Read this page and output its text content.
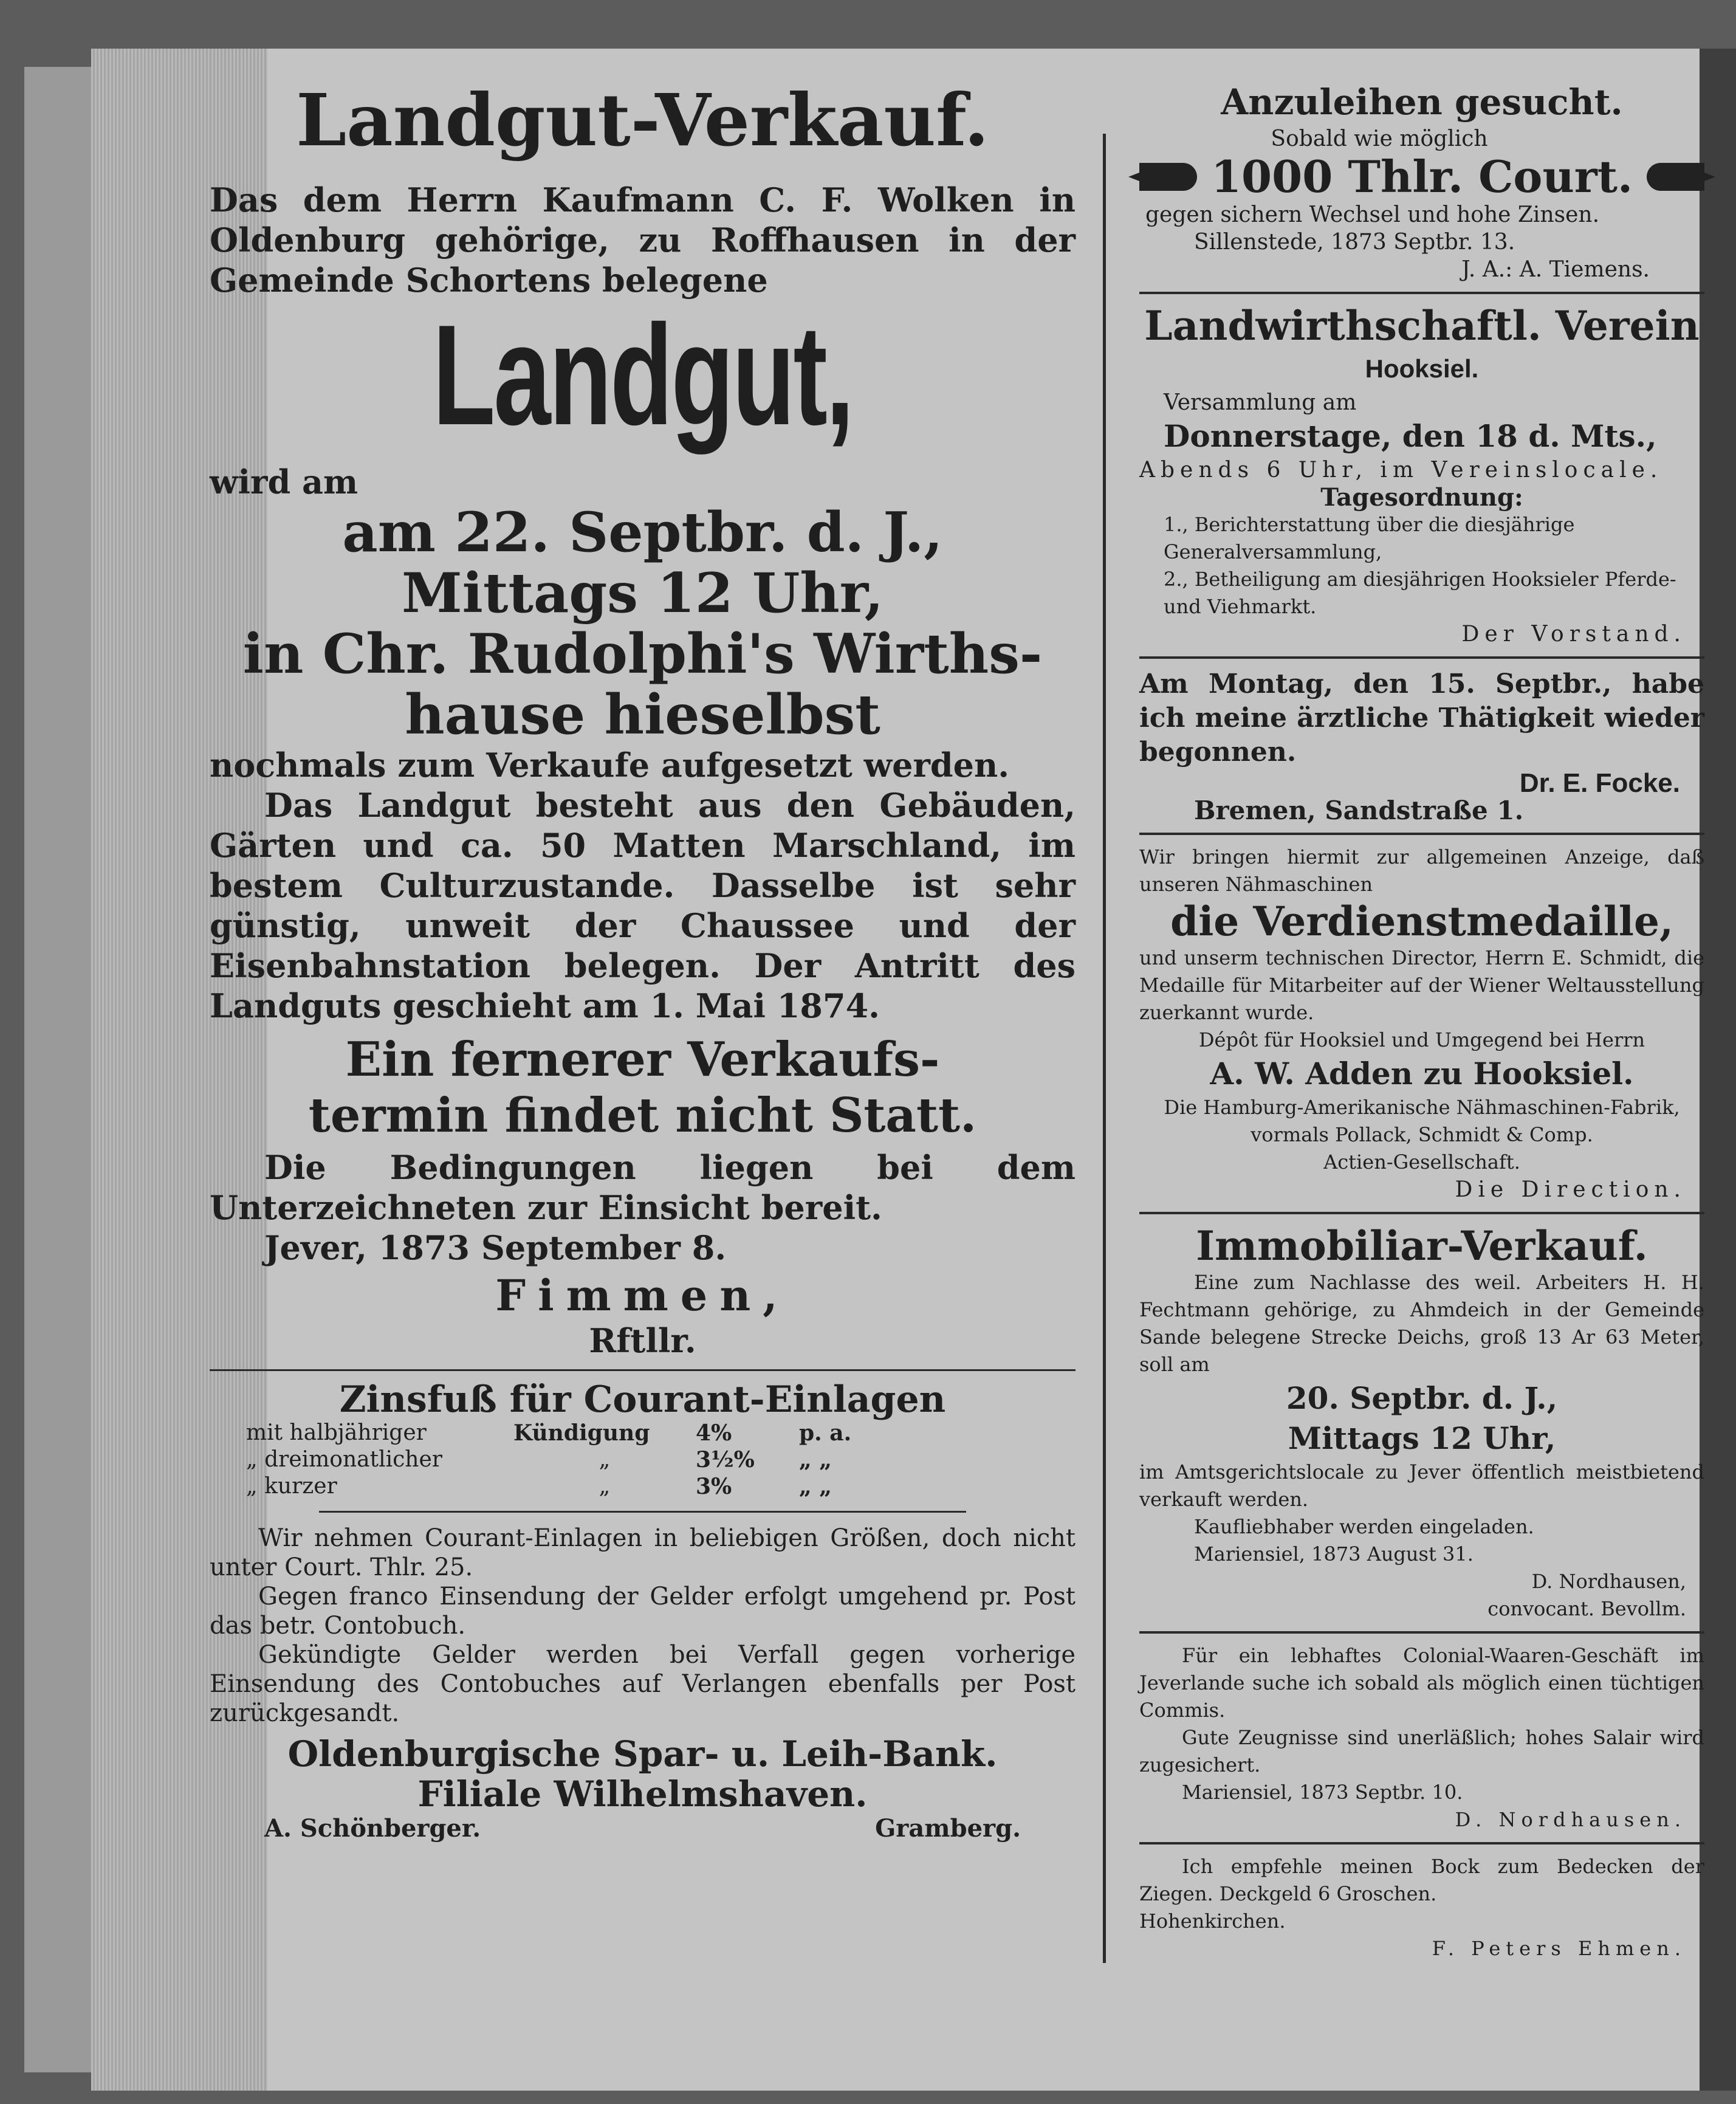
Landgut-Verkauf.

Das dem Herrn Kaufmann C. F. Wolken in Oldenburg gehörige, zu Roffhausen in der Gemeinde Schortens belegene

Landgut,

wird am

am 22. Septbr. d. J.,

Mittags 12 Uhr,

in Chr. Rudolphi's Wirths-

hause hieselbst

nochmals zum Verkaufe aufgesetzt werden.

Das Landgut besteht aus den Gebäuden, Gärten und ca. 50 Matten Marschland, im bestem Culturzustande. Dasselbe ist sehr günstig, unweit der Chaussee und der Eisenbahnstation belegen. Der Antritt des Landguts geschieht am 1. Mai 1874.

Ein fernerer Verkaufs-

termin findet nicht Statt.

Die Bedingungen liegen bei dem Unterzeichneten zur Einsicht bereit.

Jever, 1873 September 8.

Fimmen,

Rftllr.

Zinsfuß für Courant-Einlagen

mit halbjähriger	Kündigung	4%	p. a.
„ dreimonatlicher	„	3½%	„ „
„ kurzer	„	3%	„ „

Wir nehmen Courant-Einlagen in beliebigen Größen, doch nicht unter Court. Thlr. 25.

Gegen franco Einsendung der Gelder erfolgt umgehend pr. Post das betr. Contobuch.

Gekündigte Gelder werden bei Verfall gegen vorherige Einsendung des Contobuches auf Verlangen ebenfalls per Post zurückgesandt.

Oldenburgische Spar- u. Leih-Bank.

Filiale Wilhelmshaven.

A. Schönberger.	Gramberg.

Anzuleihen gesucht.

Sobald wie möglich

1000 Thlr. Court.

gegen sichern Wechsel und hohe Zinsen.

Sillenstede, 1873 Septbr. 13.

J. A.: A. Tiemens.

Landwirthschaftl. Verein

Hooksiel.

Versammlung am

Donnerstage, den 18 d. Mts.,

Abends 6 Uhr, im Vereinslocale.

Tagesordnung:

1., Berichterstattung über die diesjährige Generalversammlung,

2., Betheiligung am diesjährigen Hooksieler Pferde- und Viehmarkt.

Der Vorstand.

Am Montag, den 15. Septbr., habe ich meine ärztliche Thätigkeit wieder begonnen.

Dr. E. Focke.

Bremen, Sandstraße 1.

Wir bringen hiermit zur allgemeinen Anzeige, daß unseren Nähmaschinen

die Verdienstmedaille,

und unserm technischen Director, Herrn E. Schmidt, die Medaille für Mitarbeiter auf der Wiener Weltausstellung zuerkannt wurde.

Dépôt für Hooksiel und Umgegend bei Herrn

A. W. Adden zu Hooksiel.

Die Hamburg-Amerikanische Nähmaschinen-Fabrik,

vormals Pollack, Schmidt & Comp.

Actien-Gesellschaft.

Die Direction.

Immobiliar-Verkauf.

Eine zum Nachlasse des weil. Arbeiters H. H. Fechtmann gehörige, zu Ahmdeich in der Gemeinde Sande belegene Strecke Deichs, groß 13 Ar 63 Meter, soll am

20. Septbr. d. J.,

Mittags 12 Uhr,

im Amtsgerichtslocale zu Jever öffentlich meistbietend verkauft werden.

Kaufliebhaber werden eingeladen.

Mariensiel, 1873 August 31.

D. Nordhausen,

convocant. Bevollm.

Für ein lebhaftes Colonial-Waaren-Geschäft im Jeverlande suche ich sobald als möglich einen tüchtigen Commis.

Gute Zeugnisse sind unerläßlich; hohes Salair wird zugesichert.

Mariensiel, 1873 Septbr. 10.

D. Nordhausen.

Ich empfehle meinen Bock zum Bedecken der Ziegen. Deckgeld 6 Groschen.

Hohenkirchen.

F. Peters Ehmen.
